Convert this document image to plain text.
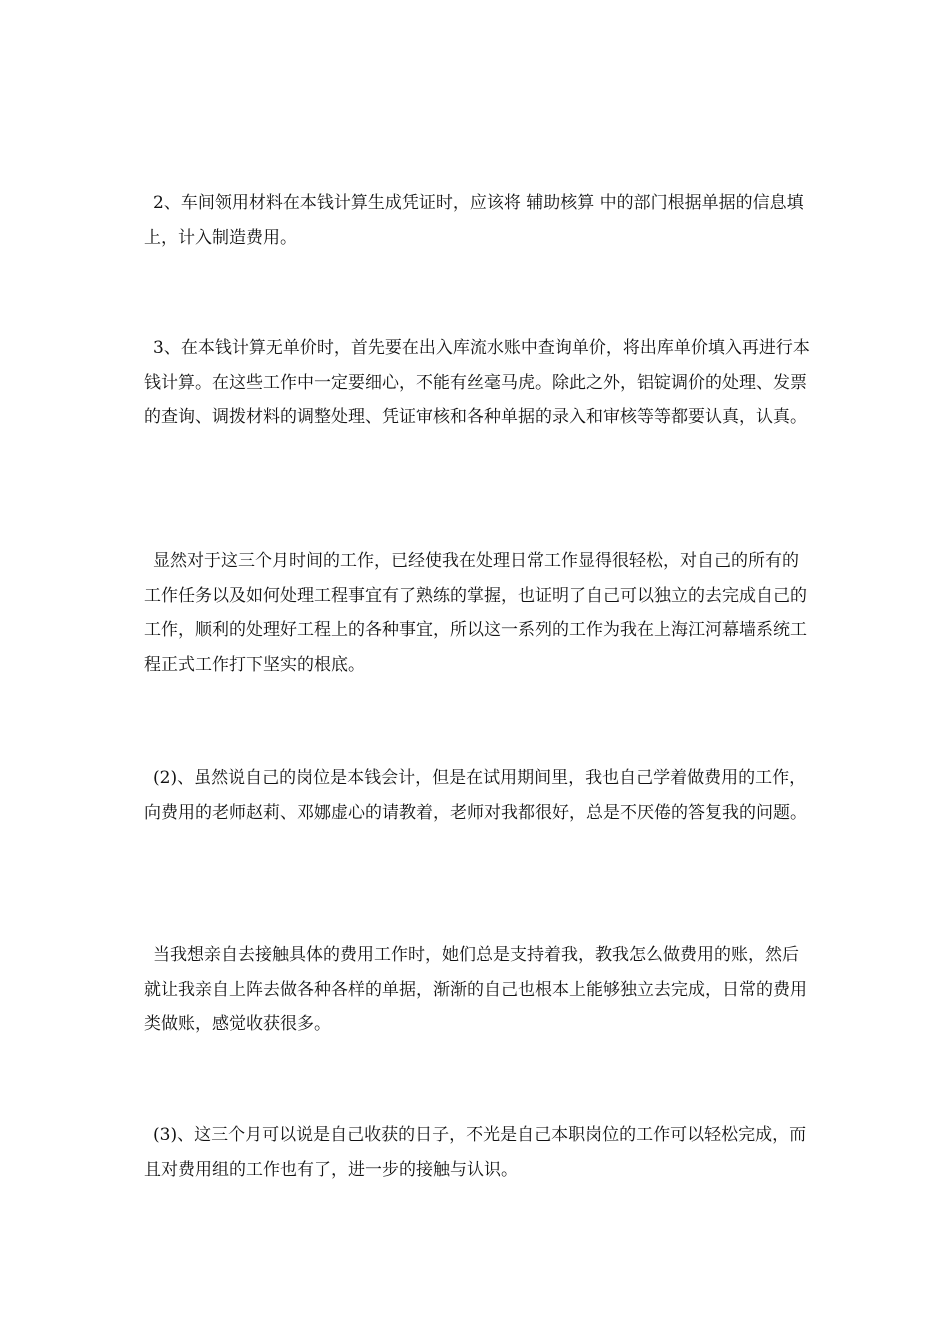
2、车间领用材料在本钱计算生成凭证时，应该将 辅助核算 中的部门根据单据的信息填上，计入制造费用。

3、在本钱计算无单价时，首先要在出入库流水账中查询单价，将出库单价填入再进行本钱计算。在这些工作中一定要细心，不能有丝毫马虎。除此之外，铝锭调价的处理、发票的查询、调拨材料的调整处理、凭证审核和各种单据的录入和审核等等都要认真，认真。

显然对于这三个月时间的工作，已经使我在处理日常工作显得很轻松，对自己的所有的工作任务以及如何处理工程事宜有了熟练的掌握，也证明了自己可以独立的去完成自己的工作，顺利的处理好工程上的各种事宜，所以这一系列的工作为我在上海江河幕墙系统工程正式工作打下坚实的根底。

(2)、虽然说自己的岗位是本钱会计，但是在试用期间里，我也自己学着做费用的工作，向费用的老师赵莉、邓娜虚心的请教着，老师对我都很好，总是不厌倦的答复我的问题。

当我想亲自去接触具体的费用工作时，她们总是支持着我，教我怎么做费用的账，然后就让我亲自上阵去做各种各样的单据，渐渐的自己也根本上能够独立去完成，日常的费用类做账，感觉收获很多。

(3)、这三个月可以说是自己收获的日子，不光是自己本职岗位的工作可以轻松完成，而且对费用组的工作也有了，进一步的接触与认识。
